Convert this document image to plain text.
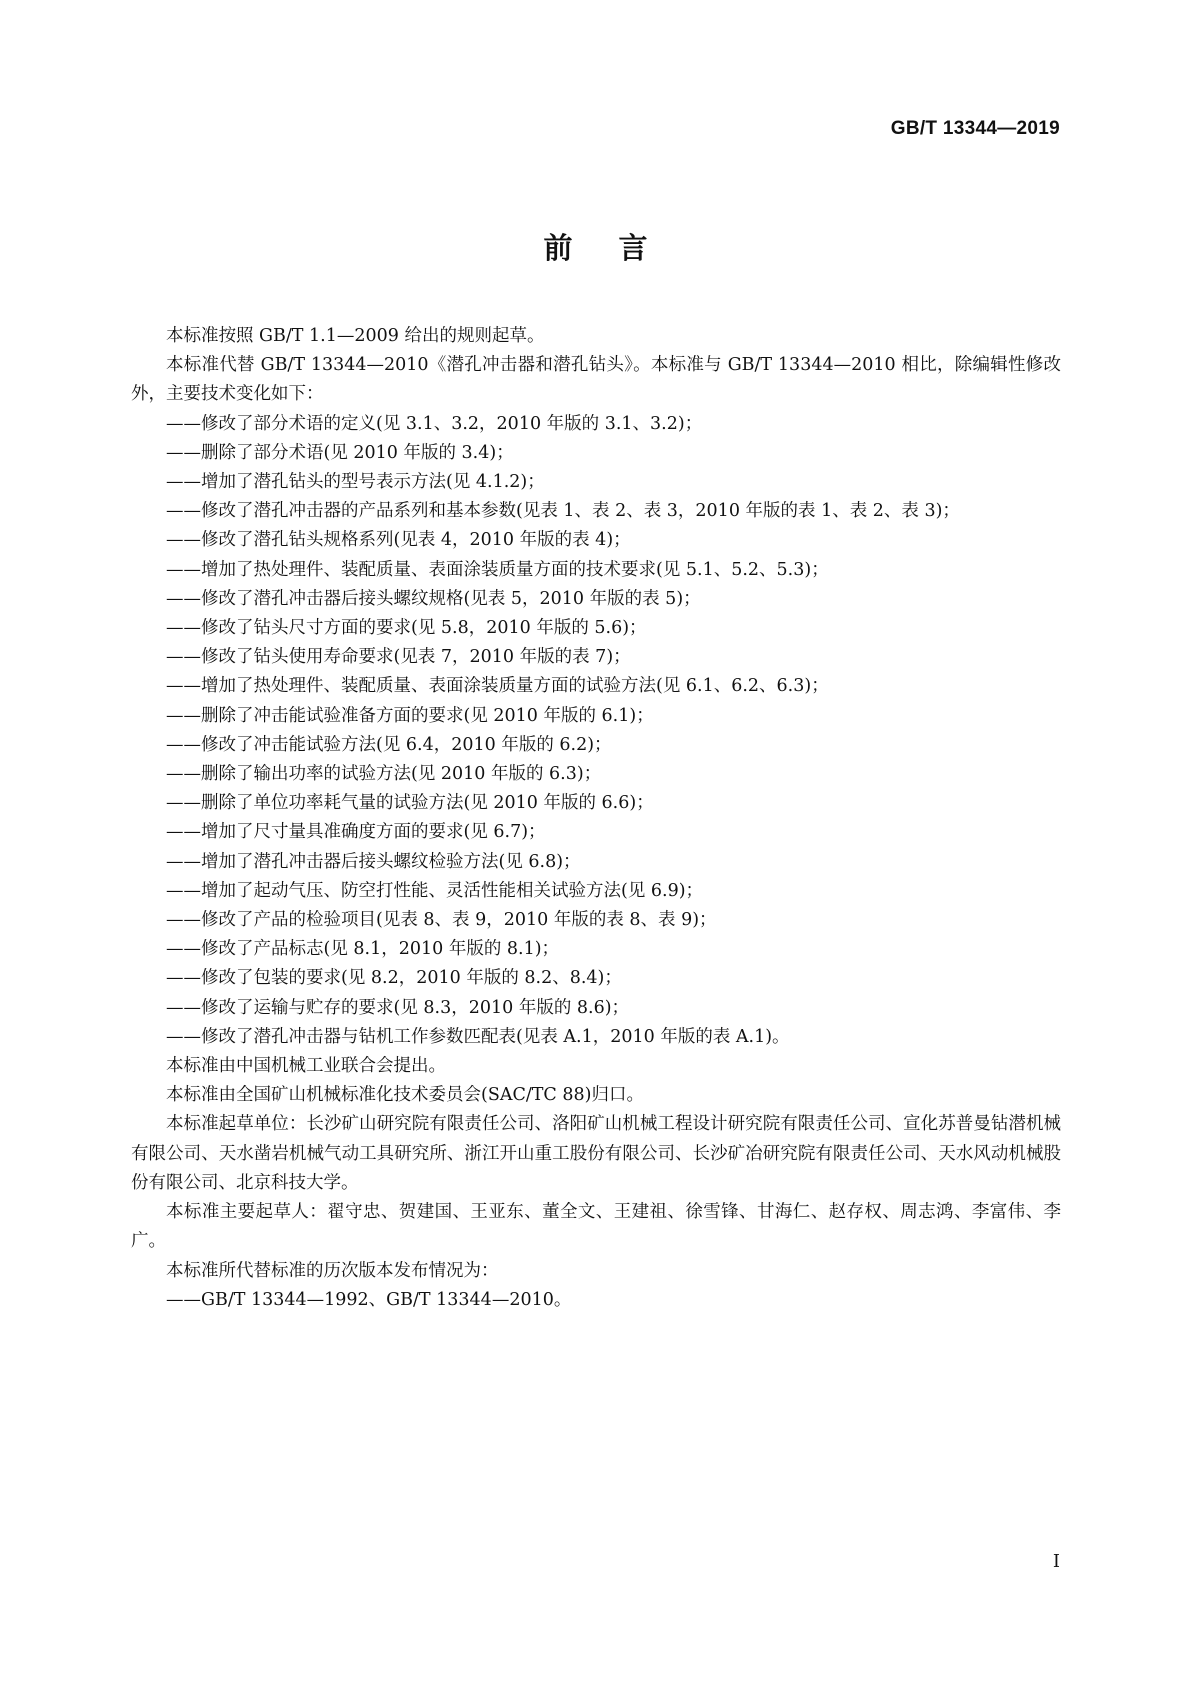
GB/T 13344—2019
前言

本标准按照 GB/T 1.1—2009 给出的规则起草。

本标准代替 GB/T 13344—2010《潜孔冲击器和潜孔钻头》。本标准与 GB/T 13344—2010 相比，除编辑性修改外，主要技术变化如下：

——修改了部分术语的定义(见 3.1、3.2，2010 年版的 3.1、3.2)；

——删除了部分术语(见 2010 年版的 3.4)；

——增加了潜孔钻头的型号表示方法(见 4.1.2)；

——修改了潜孔冲击器的产品系列和基本参数(见表 1、表 2、表 3，2010 年版的表 1、表 2、表 3)；

——修改了潜孔钻头规格系列(见表 4，2010 年版的表 4)；

——增加了热处理件、装配质量、表面涂装质量方面的技术要求(见 5.1、5.2、5.3)；

——修改了潜孔冲击器后接头螺纹规格(见表 5，2010 年版的表 5)；

——修改了钻头尺寸方面的要求(见 5.8，2010 年版的 5.6)；

——修改了钻头使用寿命要求(见表 7，2010 年版的表 7)；

——增加了热处理件、装配质量、表面涂装质量方面的试验方法(见 6.1、6.2、6.3)；

——删除了冲击能试验准备方面的要求(见 2010 年版的 6.1)；

——修改了冲击能试验方法(见 6.4，2010 年版的 6.2)；

——删除了输出功率的试验方法(见 2010 年版的 6.3)；

——删除了单位功率耗气量的试验方法(见 2010 年版的 6.6)；

——增加了尺寸量具准确度方面的要求(见 6.7)；

——增加了潜孔冲击器后接头螺纹检验方法(见 6.8)；

——增加了起动气压、防空打性能、灵活性能相关试验方法(见 6.9)；

——修改了产品的检验项目(见表 8、表 9，2010 年版的表 8、表 9)；

——修改了产品标志(见 8.1，2010 年版的 8.1)；

——修改了包装的要求(见 8.2，2010 年版的 8.2、8.4)；

——修改了运输与贮存的要求(见 8.3，2010 年版的 8.6)；

——修改了潜孔冲击器与钻机工作参数匹配表(见表 A.1，2010 年版的表 A.1)。

本标准由中国机械工业联合会提出。

本标准由全国矿山机械标准化技术委员会(SAC/TC 88)归口。

本标准起草单位：长沙矿山研究院有限责任公司、洛阳矿山机械工程设计研究院有限责任公司、宣化苏普曼钻潜机械有限公司、天水凿岩机械气动工具研究所、浙江开山重工股份有限公司、长沙矿冶研究院有限责任公司、天水风动机械股份有限公司、北京科技大学。

本标准主要起草人：翟守忠、贺建国、王亚东、董全文、王建祖、徐雪锋、甘海仁、赵存权、周志鸿、李富伟、李广。

本标准所代替标准的历次版本发布情况为：

——GB/T 13344—1992、GB/T 13344—2010。

I
